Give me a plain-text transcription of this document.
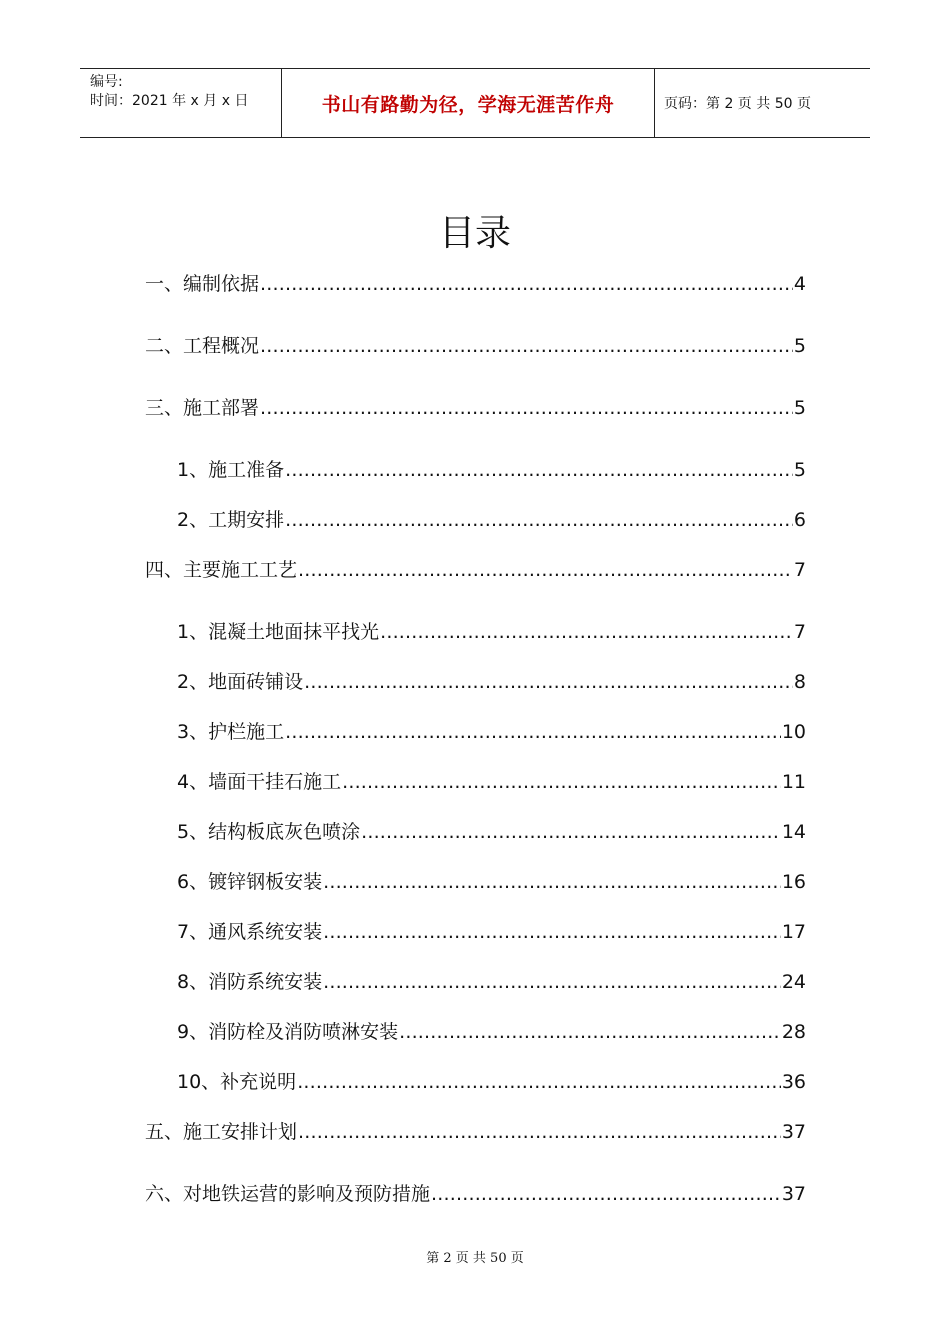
编号:
时间：2021 年 x 月 x 日	书山有路勤为径，学海无涯苦作舟	页码：第 2 页 共 50 页
目录
一、编制依据 .....	4
二、工程概况 .....	5
三、施工部署 .....	5
1、施工准备 .....	5
2、工期安排 .....	6
四、主要施工工艺 .....	7
1、混凝土地面抹平找光 .....	7
2、地面砖铺设 .....	8
3、护栏施工 .....	10
4、墙面干挂石施工 .....	11
5、结构板底灰色喷涂 .....	14
6、镀锌钢板安装 .....	16
7、通风系统安装 .....	17
8、消防系统安装 .....	24
9、消防栓及消防喷淋安装 .....	28
10、补充说明 .....	36
五、施工安排计划 .....	37
六、对地铁运营的影响及预防措施 .....	37
第 2 页 共 50 页
